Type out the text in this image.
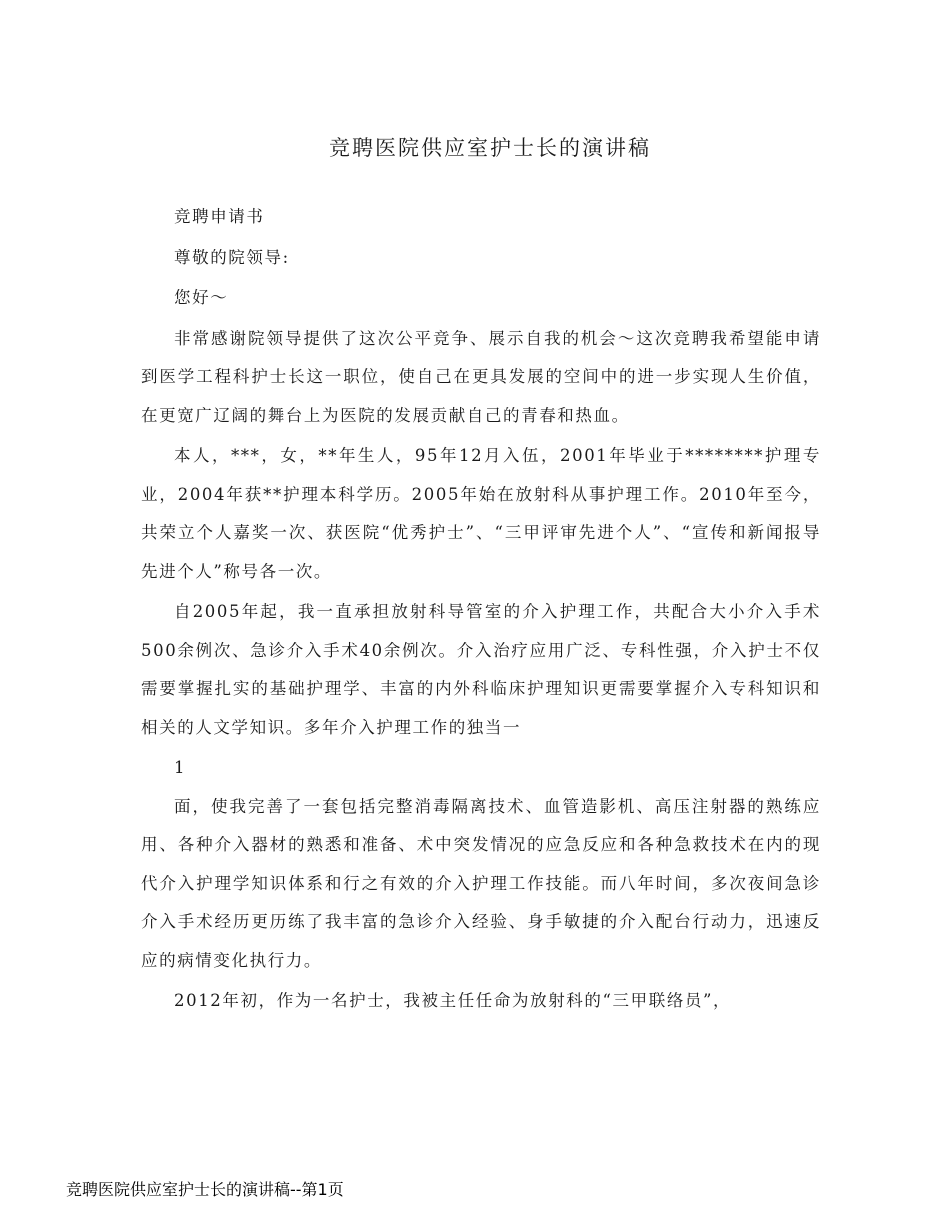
竞聘医院供应室护士长的演讲稿

竞聘申请书

尊敬的院领导:

您好～

非常感谢院领导提供了这次公平竞争、展示自我的机会～这次竞聘我希望能申请到医学工程科护士长这一职位，使自己在更具发展的空间中的进一步实现人生价值，在更宽广辽阔的舞台上为医院的发展贡献自己的青春和热血。

本人，***，女，**年生人，95年12月入伍，2001年毕业于********护理专业，2004年获**护理本科学历。2005年始在放射科从事护理工作。2010年至今，共荣立个人嘉奖一次、获医院“优秀护士”、“三甲评审先进个人”、“宣传和新闻报导先进个人”称号各一次。

自2005年起，我一直承担放射科导管室的介入护理工作，共配合大小介入手术500余例次、急诊介入手术40余例次。介入治疗应用广泛、专科性强，介入护士不仅需要掌握扎实的基础护理学、丰富的内外科临床护理知识更需要掌握介入专科知识和相关的人文学知识。多年介入护理工作的独当一

1

面，使我完善了一套包括完整消毒隔离技术、血管造影机、高压注射器的熟练应用、各种介入器材的熟悉和准备、术中突发情况的应急反应和各种急救技术在内的现代介入护理学知识体系和行之有效的介入护理工作技能。而八年时间，多次夜间急诊介入手术经历更历练了我丰富的急诊介入经验、身手敏捷的介入配台行动力，迅速反应的病情变化执行力。

2012年初，作为一名护士，我被主任任命为放射科的“三甲联络员”，

竞聘医院供应室护士长的演讲稿--第1页
